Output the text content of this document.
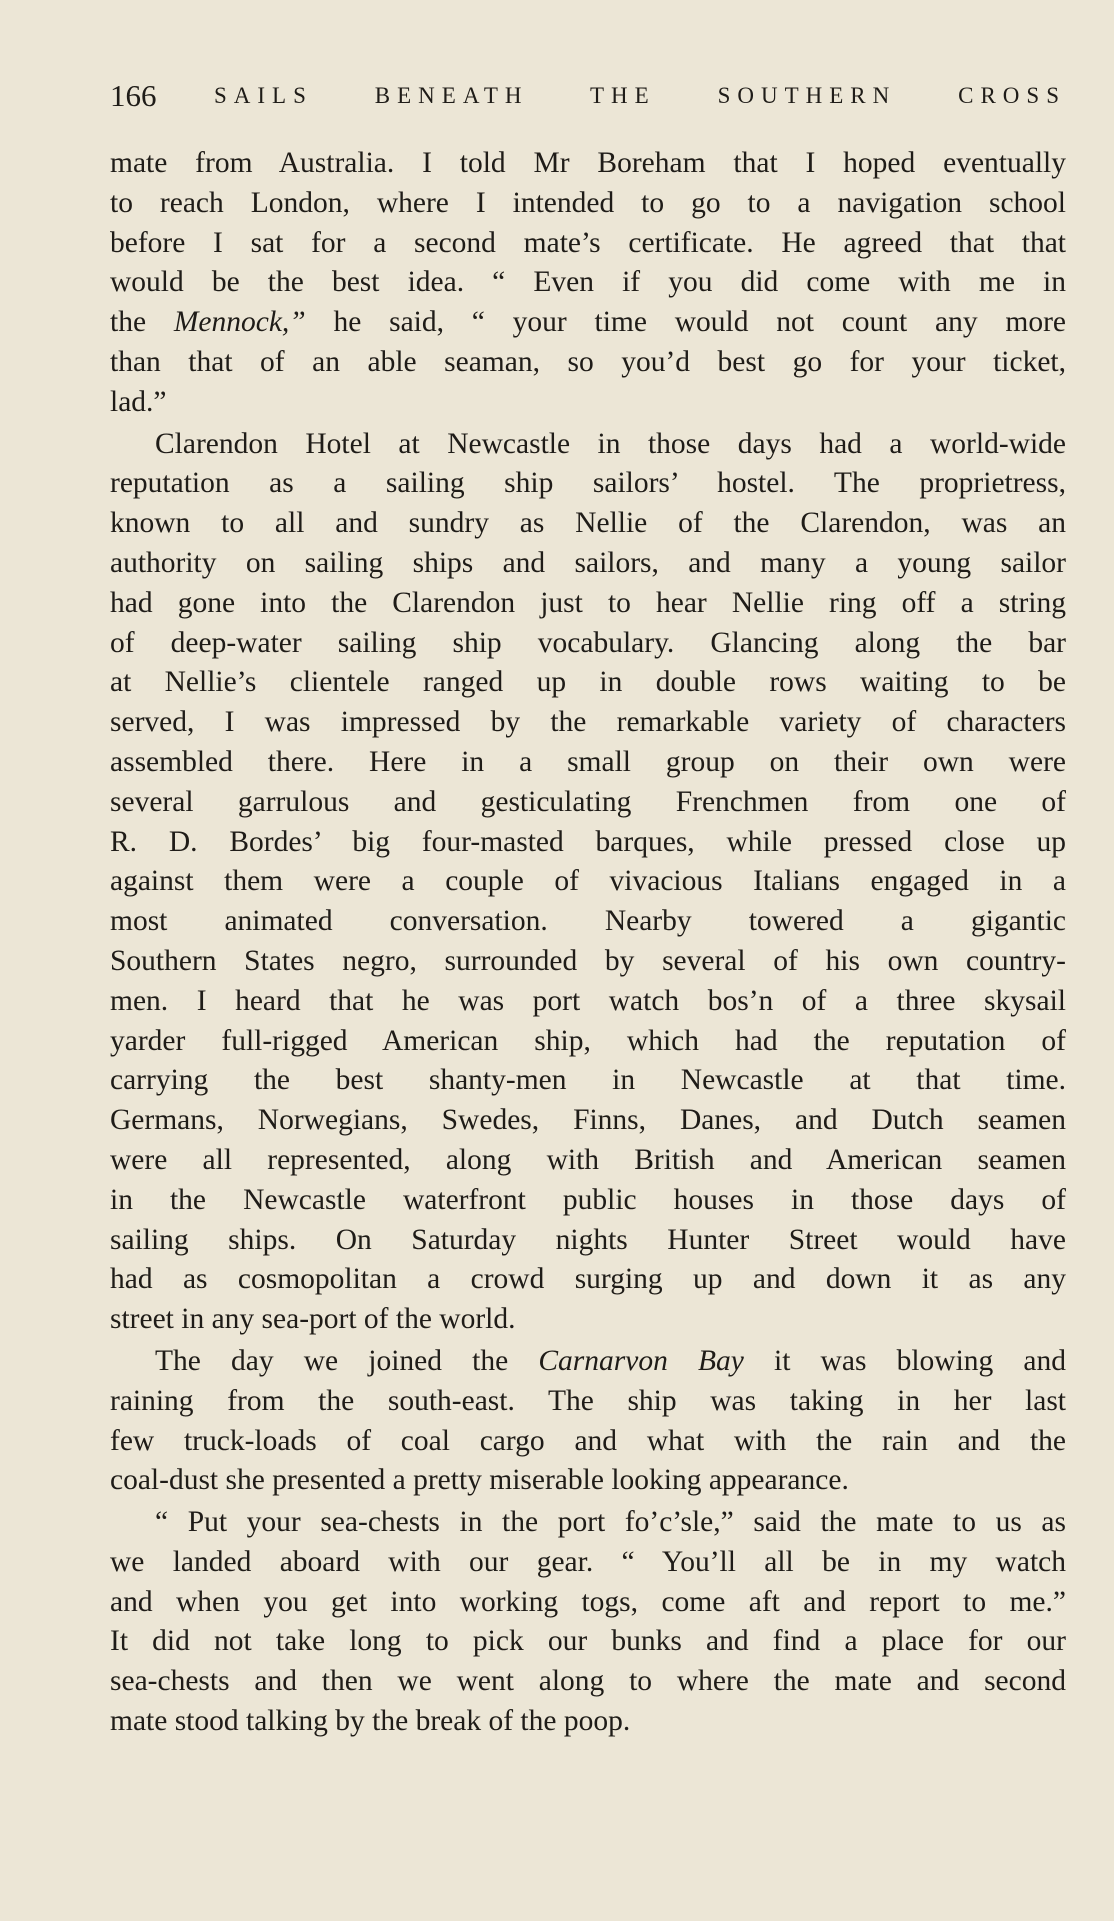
166	SAILS BENEATH THE SOUTHERN CROSS
mate from Australia. I told Mr Boreham that I hoped eventually
to reach London, where I intended to go to a navigation school
before I sat for a second mate’s certificate. He agreed that that
would be the best idea. “ Even if you did come with me in
the Mennock,” he said, “ your time would not count any more
than that of an able seaman, so you’d best go for your ticket,
lad.”
Clarendon Hotel at Newcastle in those days had a world-wide
reputation as a sailing ship sailors’ hostel. The proprietress,
known to all and sundry as Nellie of the Clarendon, was an
authority on sailing ships and sailors, and many a young sailor
had gone into the Clarendon just to hear Nellie ring off a string
of deep-water sailing ship vocabulary. Glancing along the bar
at Nellie’s clientele ranged up in double rows waiting to be
served, I was impressed by the remarkable variety of characters
assembled there. Here in a small group on their own were
several garrulous and gesticulating Frenchmen from one of
R. D. Bordes’ big four-masted barques, while pressed close up
against them were a couple of vivacious Italians engaged in a
most animated conversation. Nearby towered a gigantic
Southern States negro, surrounded by several of his own country-
men. I heard that he was port watch bos’n of a three skysail
yarder full-rigged American ship, which had the reputation of
carrying the best shanty-men in Newcastle at that time.
Germans, Norwegians, Swedes, Finns, Danes, and Dutch seamen
were all represented, along with British and American seamen
in the Newcastle waterfront public houses in those days of
sailing ships. On Saturday nights Hunter Street would have
had as cosmopolitan a crowd surging up and down it as any
street in any sea-port of the world.
The day we joined the Carnarvon Bay it was blowing and
raining from the south-east. The ship was taking in her last
few truck-loads of coal cargo and what with the rain and the
coal-dust she presented a pretty miserable looking appearance.
“ Put your sea-chests in the port fo’c’sle,” said the mate to us as
we landed aboard with our gear. “ You’ll all be in my watch
and when you get into working togs, come aft and report to me.”
It did not take long to pick our bunks and find a place for our
sea-chests and then we went along to where the mate and second
mate stood talking by the break of the poop.
